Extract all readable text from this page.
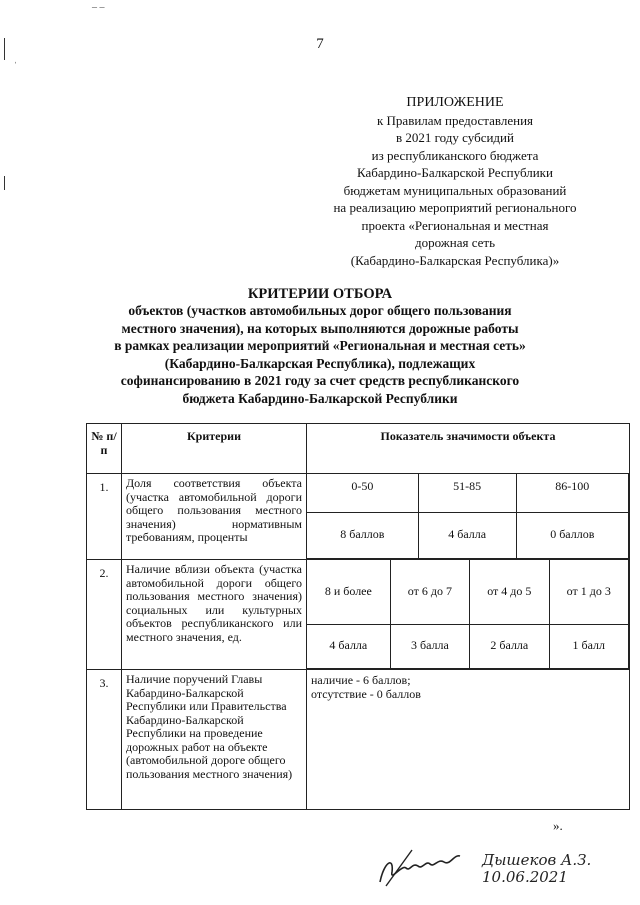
‒ ‒
ˌ
7
ПРИЛОЖЕНИЕ
к Правилам предоставления
в 2021 году субсидий
из республиканского бюджета
Кабардино-Балкарской Республики
бюджетам муниципальных образований
на реализацию мероприятий регионального
проекта «Региональная и местная
дорожная сеть
(Кабардино-Балкарская Республика)»
КРИТЕРИИ ОТБОРА
объектов (участков автомобильных дорог общего пользования
местного значения), на которых выполняются дорожные работы
в рамках реализации мероприятий «Региональная и местная сеть»
(Кабардино-Балкарская Республика), подлежащих
софинансированию в 2021 году за счет средств республиканского
бюджета Кабардино-Балкарской Республики
№ п/п	Критерии	Показатель значимости объекта
1.	Доля соответствия объекта (участка автомобильной дороги общего пользования местного значения) нормативным требованиям, проценты	
0-50	51-85	86-100
8 баллов	4 балла	0 баллов

2.	Наличие вблизи объекта (участка автомобильной дороги общего пользования местного значения) социальных или культурных объектов республиканского или местного значения, ед.	
8 и более	от 6 до 7	от 4 до 5	от 1 до 3
4 балла	3 балла	2 балла	1 балл

3.	Наличие поручений Главы Кабардино-Балкарской Республики или Правительства Кабардино-Балкарской Республики на проведение дорожных работ на объекте (автомобильной дороге общего пользования местного значения)	
наличие - 6 баллов;
отсутствие - 0 баллов
».
Дышеков А.З.
10.06.2021
